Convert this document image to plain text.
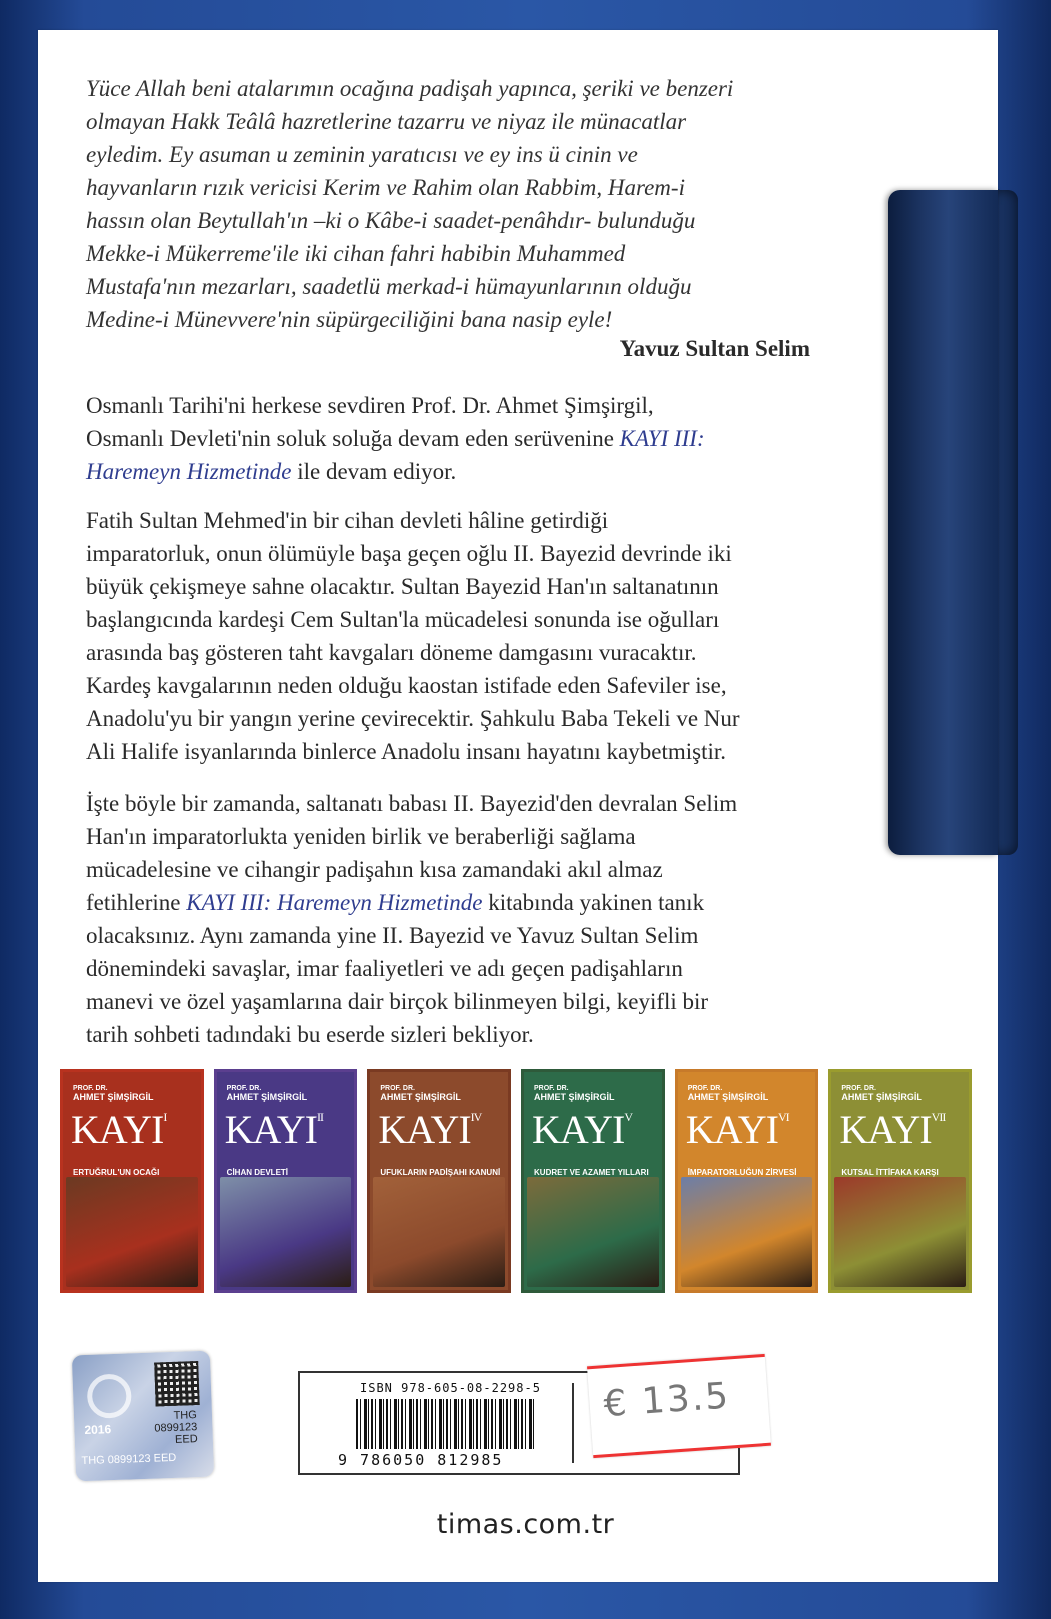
Yüce Allah beni atalarımın ocağına padişah yapınca, şeriki ve benzeri

olmayan Hakk Teâlâ hazretlerine tazarru ve niyaz ile münacatlar

eyledim. Ey asuman u zeminin yaratıcısı ve ey ins ü cinin ve

hayvanların rızık vericisi Kerim ve Rahim olan Rabbim, Harem-i

hassın olan Beytullah'ın –ki o Kâbe-i saadet-penâhdır- bulunduğu

Mekke-i Mükerreme'ile iki cihan fahri habibin Muhammed

Mustafa'nın mezarları, saadetlü merkad-i hümayunlarının olduğu

Medine-i Münevvere'nin süpürgeciliğini bana nasip eyle!

Yavuz Sultan Selim

Osmanlı Tarihi'ni herkese sevdiren Prof. Dr. Ahmet Şimşirgil,

Osmanlı Devleti'nin soluk soluğa devam eden serüvenine KAYI III:

Haremeyn Hizmetinde ile devam ediyor.

Fatih Sultan Mehmed'in bir cihan devleti hâline getirdiği

imparatorluk, onun ölümüyle başa geçen oğlu II. Bayezid devrinde iki

büyük çekişmeye sahne olacaktır. Sultan Bayezid Han'ın saltanatının

başlangıcında kardeşi Cem Sultan'la mücadelesi sonunda ise oğulları

arasında baş gösteren taht kavgaları döneme damgasını vuracaktır.

Kardeş kavgalarının neden olduğu kaostan istifade eden Safeviler ise,

Anadolu'yu bir yangın yerine çevirecektir. Şahkulu Baba Tekeli ve Nur

Ali Halife isyanlarında binlerce Anadolu insanı hayatını kaybetmiştir.

İşte böyle bir zamanda, saltanatı babası II. Bayezid'den devralan Selim

Han'ın imparatorlukta yeniden birlik ve beraberliği sağlama

mücadelesine ve cihangir padişahın kısa zamandaki akıl almaz

fetihlerine KAYI III: Haremeyn Hizmetinde kitabında yakinen tanık

olacaksınız. Aynı zamanda yine II. Bayezid ve Yavuz Sultan Selim

dönemindeki savaşlar, imar faaliyetleri ve adı geçen padişahların

manevi ve özel yaşamlarına dair birçok bilinmeyen bilgi, keyifli bir

tarih sohbeti tadındaki bu eserde sizleri bekliyor.

PROF. DR.
AHMET ŞİMŞİRGİL
$KAYI^I$
ERTUĞRUL'UN OCAĞI
PROF. DR.
AHMET ŞİMŞİRGİL
$KAYI^{II}$
CİHAN DEVLETİ
PROF. DR.
AHMET ŞİMŞİRGİL
$KAYI^{IV}$
UFUKLARIN PADİŞAHI KANUNİ
PROF. DR.
AHMET ŞİMŞİRGİL
$KAYI^V$
KUDRET VE AZAMET YILLARI
PROF. DR.
AHMET ŞİMŞİRGİL
$KAYI^{VI}$
İMPARATORLUĞUN ZİRVESİ
PROF. DR.
AHMET ŞİMŞİRGİL
$KAYI^{VII}$
KUTSAL İTTİFAKA KARŞI
2016
THG
0899123
EED
THG 0899123 EED
ISBN 978-605-08-2298-5
9 786050 812985
€ 13.5
timas.com.tr
